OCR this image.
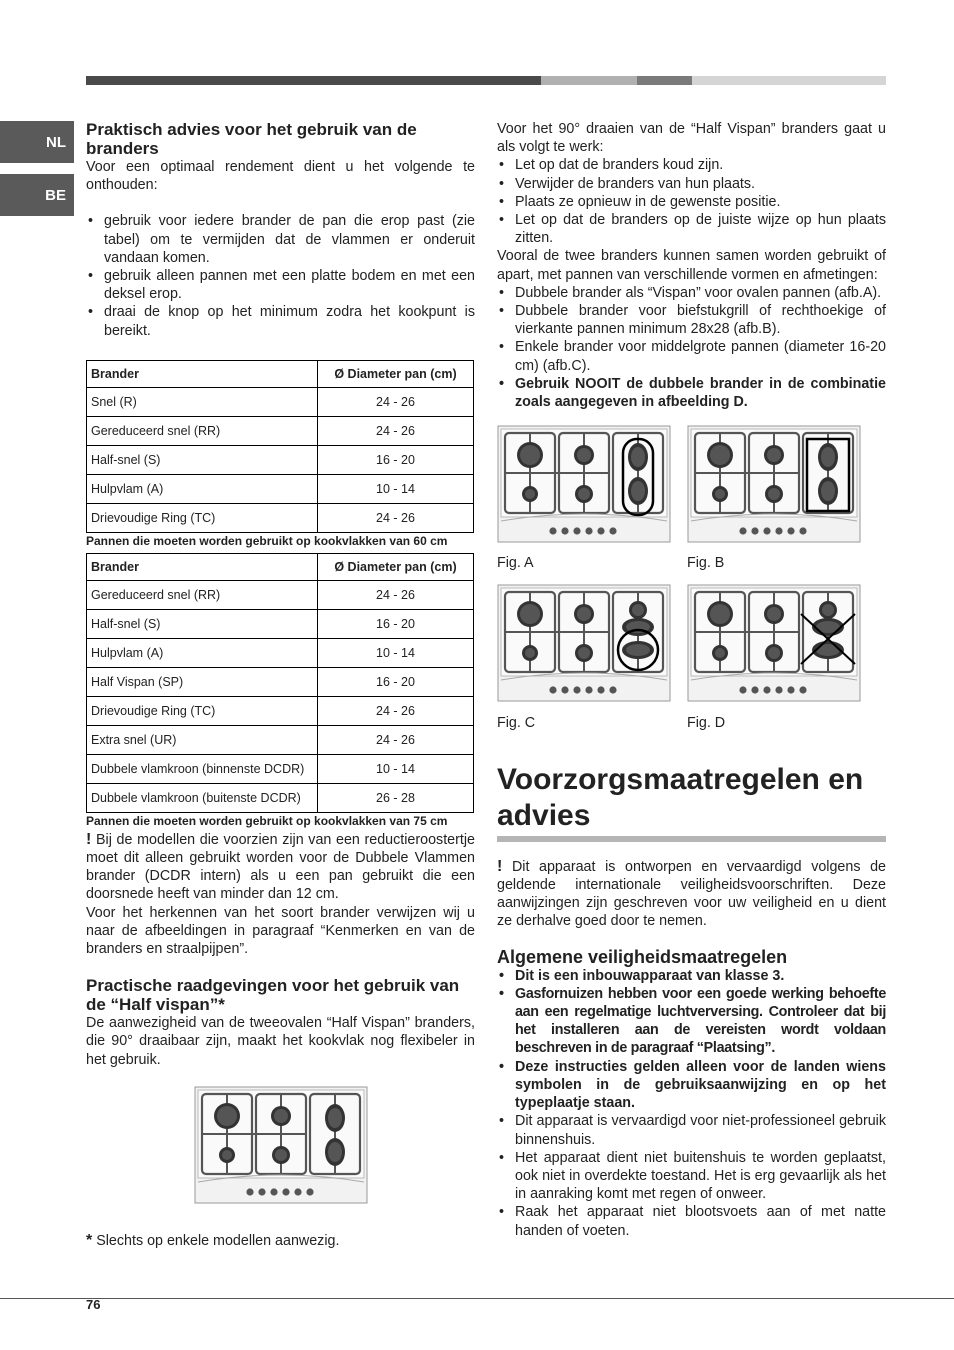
NL
BE
Praktisch advies voor het gebruik van de branders

Voor een optimaal rendement dient u het volgende te onthouden:

• gebruik voor iedere brander de pan die erop past (zie tabel) om te vermijden dat de vlammen er onderuit vandaan komen.
• gebruik alleen pannen met een platte bodem en met een deksel erop.
• draai de knop op het minimum zodra het kookpunt is bereikt.
Brander	Ø Diameter pan (cm)
Snel (R)	24 - 26
Gereduceerd snel (RR)	24 - 26
Half-snel (S)	16 - 20
Hulpvlam (A)	10 - 14
Drievoudige Ring (TC)	24 - 26
Pannen die moeten worden gebruikt op kookvlakken van 60 cm
Brander	Ø Diameter pan (cm)
Gereduceerd snel (RR)	24 - 26
Half-snel (S)	16 - 20
Hulpvlam (A)	10 - 14
Half Vispan (SP)	16 - 20
Drievoudige Ring (TC)	24 - 26
Extra snel (UR)	24 - 26
Dubbele vlamkroon (binnenste DCDR)	10 - 14
Dubbele vlamkroon (buitenste DCDR)	26 - 28
Pannen die moeten worden gebruikt op kookvlakken van 75 cm

! Bij de modellen die voorzien zijn van een reductieroostertje moet dit alleen gebruikt worden voor de Dubbele Vlammen brander (DCDR intern) als u een pan gebruikt die een doorsnede heeft van minder dan 12 cm.

Voor het herkennen van het soort brander verwijzen wij u naar de afbeeldingen in paragraaf “Kenmerken en van de branders en straalpijpen”.

Practische raadgevingen voor het gebruik van de “Half vispan”*

De aanwezigheid van de tweeovalen “Half Vispan” branders, die 90° draaibaar zijn, maakt het kookvlak nog flexibeler in het gebruik.

* Slechts op enkele modellen aanwezig.

Voor het 90° draaien van de “Half Vispan” branders gaat u als volgt te werk:

• Let op dat de branders koud zijn.
• Verwijder de branders van hun plaats.
• Plaats ze opnieuw in de gewenste positie.
• Let op dat de branders op de juiste wijze op hun plaats zitten.

Vooral de twee branders kunnen samen worden gebruikt of apart, met pannen van verschillende vormen en afmetingen:

• Dubbele brander als “Vispan” voor ovalen pannen (afb.A).
• Dubbele brander voor biefstukgrill of rechthoekige of vierkante pannen minimum 28x28 (afb.B).
• Enkele brander voor middelgrote pannen (diameter 16-20 cm) (afb.C).
• Gebruik NOOIT de dubbele brander in de combinatie zoals aangegeven in afbeelding D.
Fig. A	Fig. B
Fig. C	Fig. D
Voorzorgsmaatregelen en advies

! Dit apparaat is ontworpen en vervaardigd volgens de geldende internationale veiligheidsvoorschriften. Deze aanwijzingen zijn geschreven voor uw veiligheid en u dient ze derhalve goed door te nemen.

Algemene veiligheidsmaatregelen
• Dit is een inbouwapparaat van klasse 3.
• Gasfornuizen hebben voor een goede werking behoefte aan een regelmatige luchtverversing. Controleer dat bij het installeren aan de vereisten wordt voldaan beschreven in de paragraaf “Plaatsing”.
• Deze instructies gelden alleen voor de landen wiens symbolen in de gebruiksaanwijzing en op het typeplaatje staan.
• Dit apparaat is vervaardigd voor niet-professioneel gebruik binnenshuis.
• Het apparaat dient niet buitenshuis te worden geplaatst, ook niet in overdekte toestand. Het is erg gevaarlijk als het in aanraking komt met regen of onweer.
• Raak het apparaat niet blootsvoets aan of met natte handen of voeten.
76
